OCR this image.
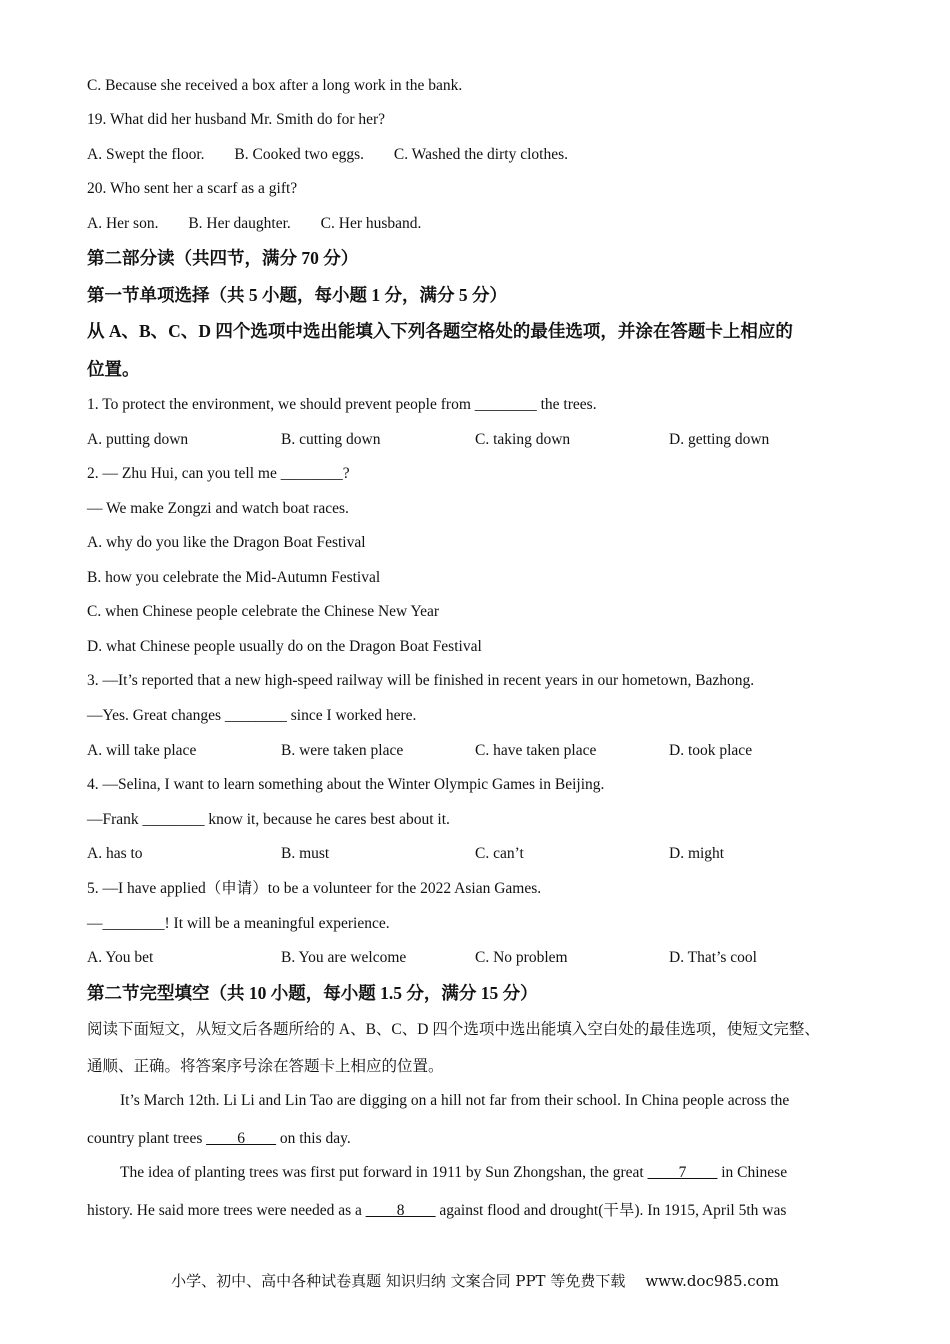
C. Because she received a box after a long work in the bank.
19. What did her husband Mr. Smith do for her?
A. Swept the floor. B. Cooked two eggs. C. Washed the dirty clothes.
20. Who sent her a scarf as a gift?
A. Her son. B. Her daughter. C. Her husband.
第二部分读（共四节，满分 70 分）
第一节单项选择（共 5 小题，每小题 1 分，满分 5 分）
从 A、B、C、D 四个选项中选出能填入下列各题空格处的最佳选项，并涂在答题卡上相应的
位置。
1. To protect the environment, we should prevent people from ________ the trees.
A. putting down	B. cutting down	C. taking down	D. getting down
2. — Zhu Hui, can you tell me ________?
— We make Zongzi and watch boat races.
A. why do you like the Dragon Boat Festival
B. how you celebrate the Mid-Autumn Festival
C. when Chinese people celebrate the Chinese New Year
D. what Chinese people usually do on the Dragon Boat Festival
3. —It’s reported that a new high-speed railway will be finished in recent years in our hometown, Bazhong.
—Yes. Great changes ________ since I worked here.
A. will take place	B. were taken place	C. have taken place	D. took place
4. —Selina, I want to learn something about the Winter Olympic Games in Beijing.
—Frank ________ know it, because he cares best about it.
A. has to	B. must	C. can’t	D. might
5. —I have applied（申请）to be a volunteer for the 2022 Asian Games.
—________! It will be a meaningful experience.
A. You bet	B. You are welcome	C. No problem	D. That’s cool
第二节完型填空（共 10 小题，每小题 1.5 分，满分 15 分）
阅读下面短文，从短文后各题所给的 A、B、C、D 四个选项中选出能填入空白处的最佳选项，使短文完整、
通顺、正确。将答案序号涂在答题卡上相应的位置。
It’s March 12th. Li Li and Lin Tao are digging on a hill not far from their school. In China people across the
country plant trees ____6____ on this day.
The idea of planting trees was first put forward in 1911 by Sun Zhongshan, the great ____7____ in Chinese
history. He said more trees were needed as a ____8____ against flood and drought(干旱). In 1915, April 5th was
小学、初中、高中各种试卷真题 知识归纳 文案合同 PPT 等免费下载 www.doc985.com
